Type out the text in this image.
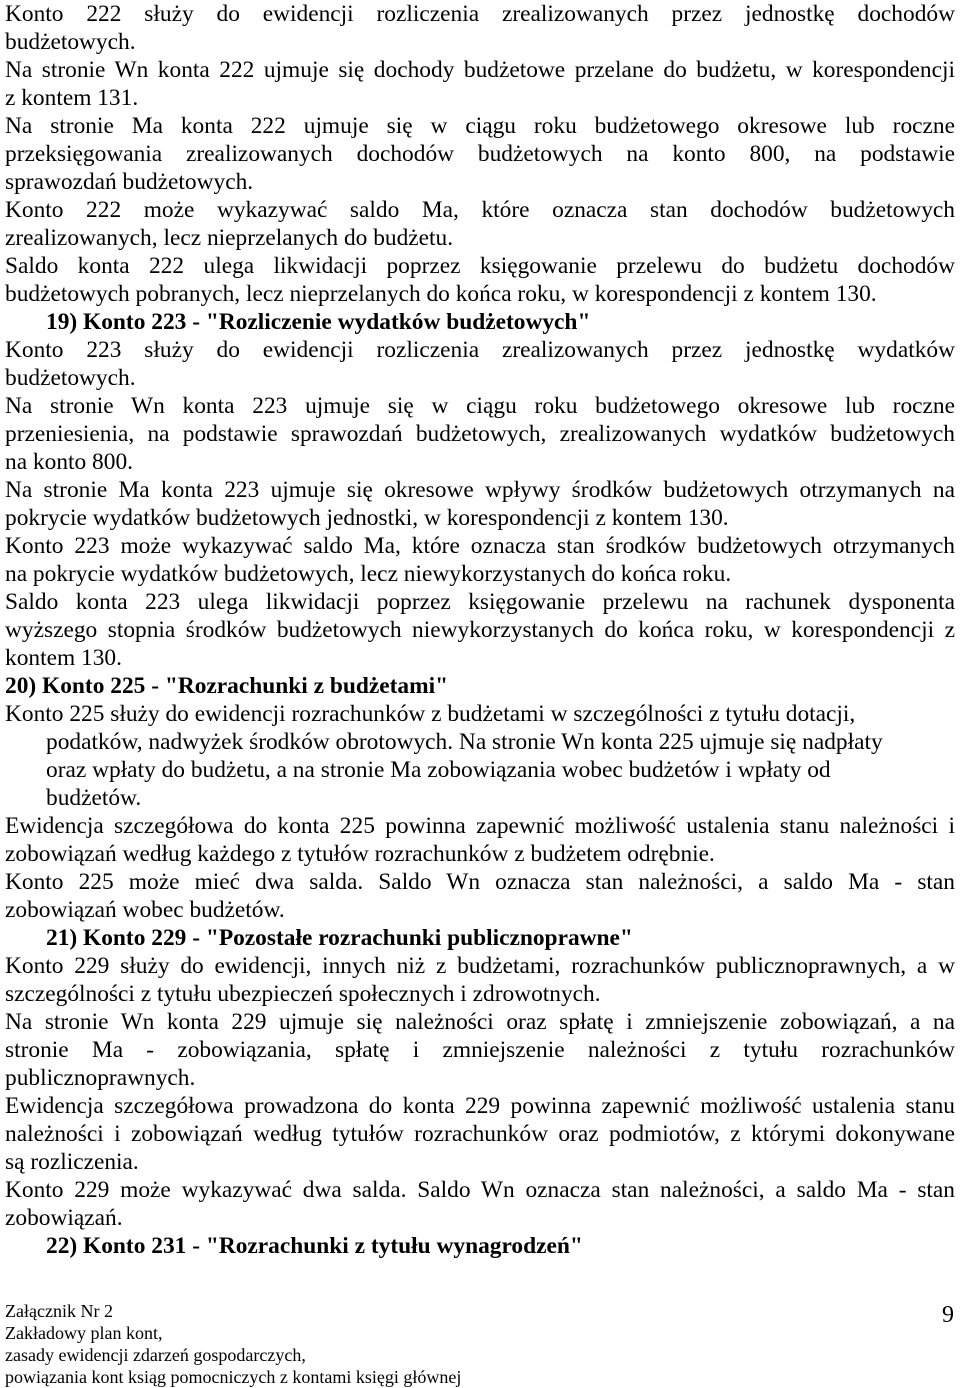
Konto 222 służy do ewidencji rozliczenia zrealizowanych przez jednostkę dochodów
budżetowych.
Na stronie Wn konta 222 ujmuje się dochody budżetowe przelane do budżetu, w korespondencji
z kontem 131.
Na stronie Ma konta 222 ujmuje się w ciągu roku budżetowego okresowe lub roczne
przeksięgowania zrealizowanych dochodów budżetowych na konto 800, na podstawie
sprawozdań budżetowych.
Konto 222 może wykazywać saldo Ma, które oznacza stan dochodów budżetowych
zrealizowanych, lecz nieprzelanych do budżetu.
Saldo konta 222 ulega likwidacji poprzez księgowanie przelewu do budżetu dochodów
budżetowych pobranych, lecz nieprzelanych do końca roku, w korespondencji z kontem 130.
19) Konto 223 - "Rozliczenie wydatków budżetowych"
Konto 223 służy do ewidencji rozliczenia zrealizowanych przez jednostkę wydatków
budżetowych.
Na stronie Wn konta 223 ujmuje się w ciągu roku budżetowego okresowe lub roczne
przeniesienia, na podstawie sprawozdań budżetowych, zrealizowanych wydatków budżetowych
na konto 800.
Na stronie Ma konta 223 ujmuje się okresowe wpływy środków budżetowych otrzymanych na
pokrycie wydatków budżetowych jednostki, w korespondencji z kontem 130.
Konto 223 może wykazywać saldo Ma, które oznacza stan środków budżetowych otrzymanych
na pokrycie wydatków budżetowych, lecz niewykorzystanych do końca roku.
Saldo konta 223 ulega likwidacji poprzez księgowanie przelewu na rachunek dysponenta
wyższego stopnia środków budżetowych niewykorzystanych do końca roku, w korespondencji z
kontem 130.
20) Konto 225 - "Rozrachunki z budżetami"
Konto 225 służy do ewidencji rozrachunków z budżetami w szczególności z tytułu dotacji,
podatków, nadwyżek środków obrotowych. Na stronie Wn konta 225 ujmuje się nadpłaty
oraz wpłaty do budżetu, a na stronie Ma zobowiązania wobec budżetów i wpłaty od
budżetów.
Ewidencja szczegółowa do konta 225 powinna zapewnić możliwość ustalenia stanu należności i
zobowiązań według każdego z tytułów rozrachunków z budżetem odrębnie.
Konto 225 może mieć dwa salda. Saldo Wn oznacza stan należności, a saldo Ma - stan
zobowiązań wobec budżetów.
21) Konto 229 - "Pozostałe rozrachunki publicznoprawne"
Konto 229 służy do ewidencji, innych niż z budżetami, rozrachunków publicznoprawnych, a w
szczególności z tytułu ubezpieczeń społecznych i zdrowotnych.
Na stronie Wn konta 229 ujmuje się należności oraz spłatę i zmniejszenie zobowiązań, a na
stronie Ma - zobowiązania, spłatę i zmniejszenie należności z tytułu rozrachunków
publicznoprawnych.
Ewidencja szczegółowa prowadzona do konta 229 powinna zapewnić możliwość ustalenia stanu
należności i zobowiązań według tytułów rozrachunków oraz podmiotów, z którymi dokonywane
są rozliczenia.
Konto 229 może wykazywać dwa salda. Saldo Wn oznacza stan należności, a saldo Ma - stan
zobowiązań.
22) Konto 231 - "Rozrachunki z tytułu wynagrodzeń"
Załącznik Nr 2
Zakładowy plan kont,
zasady ewidencji zdarzeń gospodarczych,
powiązania kont ksiąg pomocniczych z kontami księgi głównej
9
